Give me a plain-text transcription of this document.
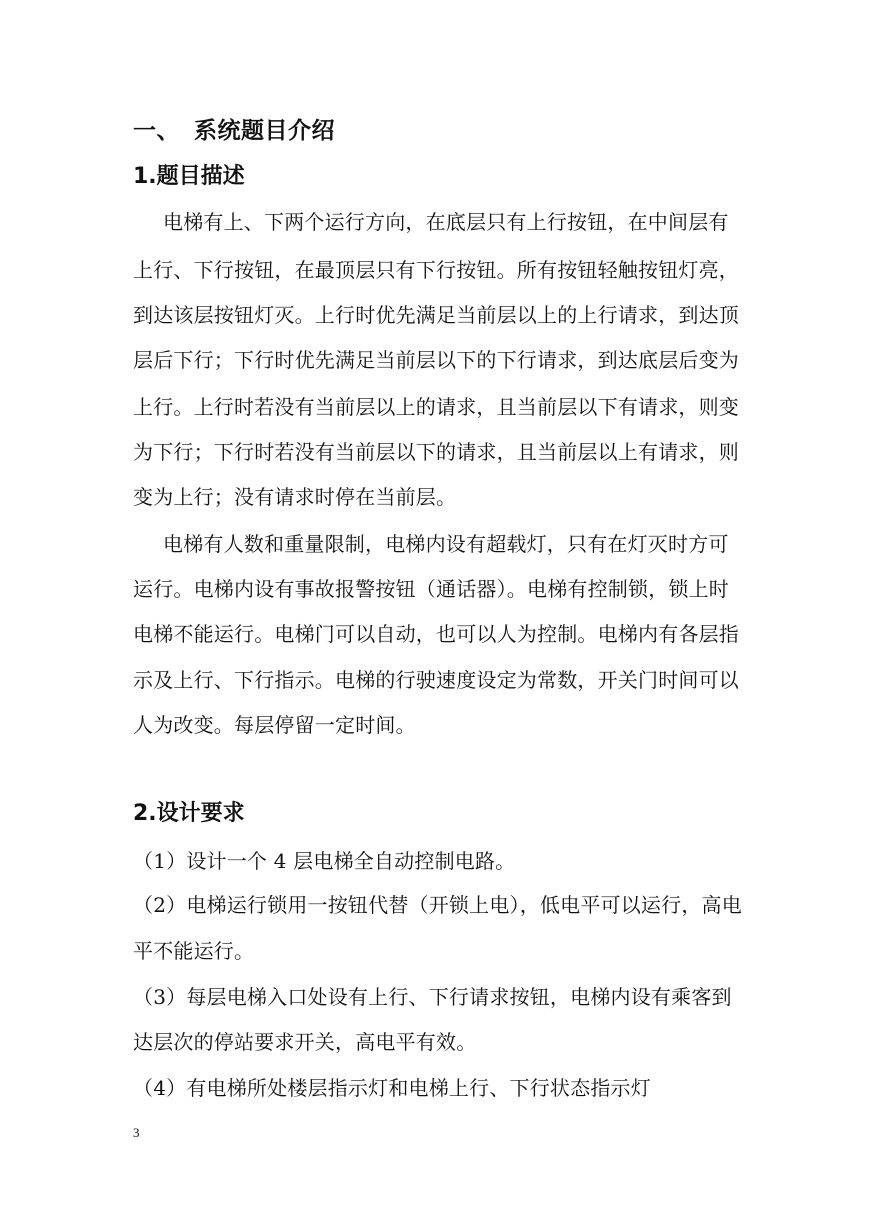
一、 系统题目介绍
1.题目描述
电梯有上、下两个运行方向，在底层只有上行按钮，在中间层有
上行、下行按钮，在最顶层只有下行按钮。所有按钮轻触按钮灯亮，
到达该层按钮灯灭。上行时优先满足当前层以上的上行请求，到达顶
层后下行；下行时优先满足当前层以下的下行请求，到达底层后变为
上行。上行时若没有当前层以上的请求，且当前层以下有请求，则变
为下行；下行时若没有当前层以下的请求，且当前层以上有请求，则
变为上行；没有请求时停在当前层。
电梯有人数和重量限制，电梯内设有超载灯，只有在灯灭时方可
运行。电梯内设有事故报警按钮（通话器）。电梯有控制锁，锁上时
电梯不能运行。电梯门可以自动，也可以人为控制。电梯内有各层指
示及上行、下行指示。电梯的行驶速度设定为常数，开关门时间可以
人为改变。每层停留一定时间。
2.设计要求
（1）设计一个 4 层电梯全自动控制电路。
（2）电梯运行锁用一按钮代替（开锁上电），低电平可以运行，高电
平不能运行。
（3）每层电梯入口处设有上行、下行请求按钮，电梯内设有乘客到
达层次的停站要求开关，高电平有效。
（4）有电梯所处楼层指示灯和电梯上行、下行状态指示灯
3
